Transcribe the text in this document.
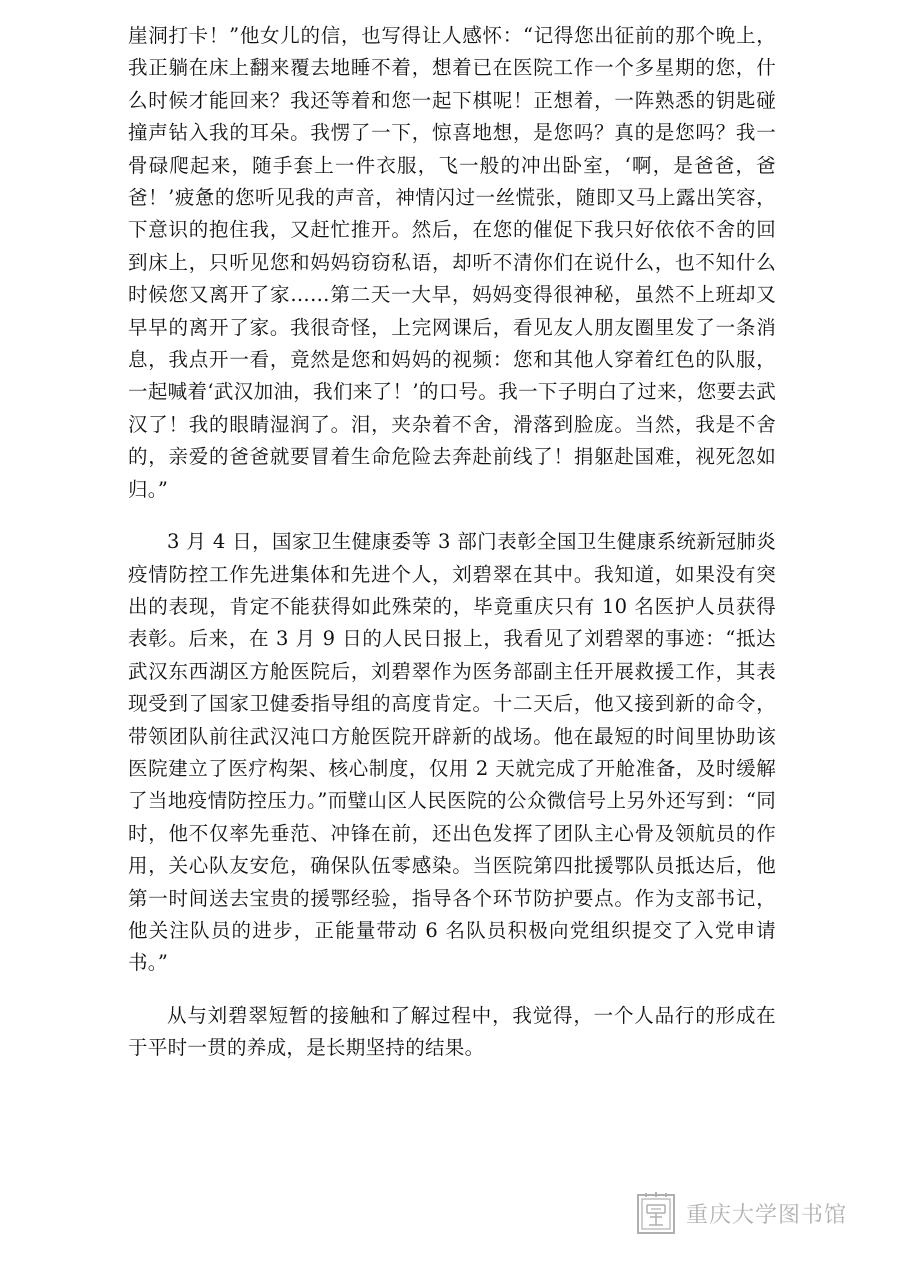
崖洞打卡！”他女儿的信，也写得让人感怀：“记得您出征前的那个晚上，我正躺在床上翻来覆去地睡不着，想着已在医院工作一个多星期的您，什么时候才能回来？我还等着和您一起下棋呢！正想着，一阵熟悉的钥匙碰撞声钻入我的耳朵。我愣了一下，惊喜地想，是您吗？真的是您吗？我一骨碌爬起来，随手套上一件衣服，飞一般的冲出卧室，‘啊，是爸爸，爸爸！’疲惫的您听见我的声音，神情闪过一丝慌张，随即又马上露出笑容，下意识的抱住我，又赶忙推开。然后，在您的催促下我只好依依不舍的回到床上，只听见您和妈妈窃窃私语，却听不清你们在说什么，也不知什么时候您又离开了家……第二天一大早，妈妈变得很神秘，虽然不上班却又早早的离开了家。我很奇怪，上完网课后，看见友人朋友圈里发了一条消息，我点开一看，竟然是您和妈妈的视频：您和其他人穿着红色的队服，一起喊着‘武汉加油，我们来了！’的口号。我一下子明白了过来，您要去武汉了！我的眼睛湿润了。泪，夹杂着不舍，滑落到脸庞。当然，我是不舍的，亲爱的爸爸就要冒着生命危险去奔赴前线了！捐躯赴国难，视死忽如归。”

3 月 4 日，国家卫生健康委等 3 部门表彰全国卫生健康系统新冠肺炎疫情防控工作先进集体和先进个人，刘碧翠在其中。我知道，如果没有突出的表现，肯定不能获得如此殊荣的，毕竟重庆只有 10 名医护人员获得表彰。后来，在 3 月 9 日的人民日报上，我看见了刘碧翠的事迹：“抵达武汉东西湖区方舱医院后，刘碧翠作为医务部副主任开展救援工作，其表现受到了国家卫健委指导组的高度肯定。十二天后，他又接到新的命令，带领团队前往武汉沌口方舱医院开辟新的战场。他在最短的时间里协助该医院建立了医疗构架、核心制度，仅用 2 天就完成了开舱准备，及时缓解了当地疫情防控压力。”而璧山区人民医院的公众微信号上另外还写到：“同时，他不仅率先垂范、冲锋在前，还出色发挥了团队主心骨及领航员的作用，关心队友安危，确保队伍零感染。当医院第四批援鄂队员抵达后，他第一时间送去宝贵的援鄂经验，指导各个环节防护要点。作为支部书记，他关注队员的进步，正能量带动 6 名队员积极向党组织提交了入党申请书。”

从与刘碧翠短暂的接触和了解过程中，我觉得，一个人品行的形成在于平时一贯的养成，是长期坚持的结果。

重庆大学图书馆
